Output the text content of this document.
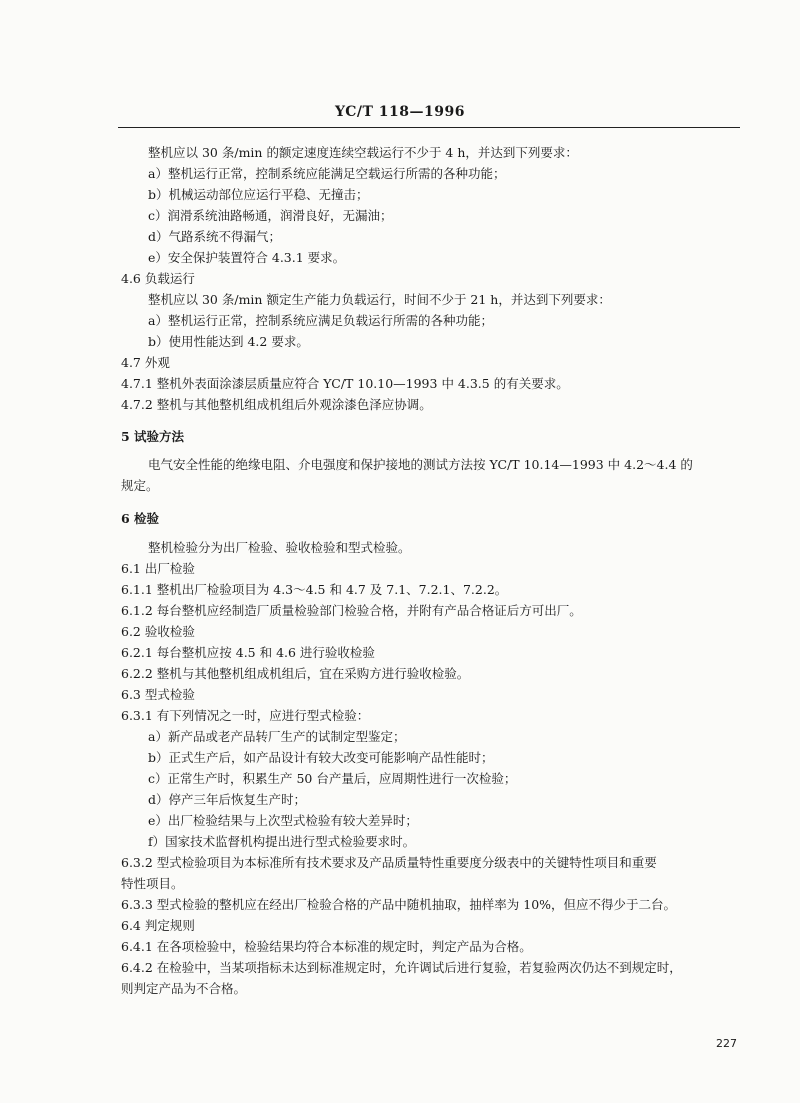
YC/T 118—1996
整机应以 30 条/min 的额定速度连续空载运行不少于 4 h，并达到下列要求：
a）整机运行正常，控制系统应能满足空载运行所需的各种功能；
b）机械运动部位应运行平稳、无撞击；
c）润滑系统油路畅通，润滑良好，无漏油；
d）气路系统不得漏气；
e）安全保护装置符合 4.3.1 要求。
4.6 负载运行
整机应以 30 条/min 额定生产能力负载运行，时间不少于 21 h，并达到下列要求：
a）整机运行正常，控制系统应满足负载运行所需的各种功能；
b）使用性能达到 4.2 要求。
4.7 外观
4.7.1 整机外表面涂漆层质量应符合 YC/T 10.10—1993 中 4.3.5 的有关要求。
4.7.2 整机与其他整机组成机组后外观涂漆色泽应协调。
5 试验方法
电气安全性能的绝缘电阻、介电强度和保护接地的测试方法按 YC/T 10.14—1993 中 4.2～4.4 的
规定。
6 检验
整机检验分为出厂检验、验收检验和型式检验。
6.1 出厂检验
6.1.1 整机出厂检验项目为 4.3～4.5 和 4.7 及 7.1、7.2.1、7.2.2。
6.1.2 每台整机应经制造厂质量检验部门检验合格，并附有产品合格证后方可出厂。
6.2 验收检验
6.2.1 每台整机应按 4.5 和 4.6 进行验收检验
6.2.2 整机与其他整机组成机组后，宜在采购方进行验收检验。
6.3 型式检验
6.3.1 有下列情况之一时，应进行型式检验：
a）新产品或老产品转厂生产的试制定型鉴定；
b）正式生产后，如产品设计有较大改变可能影响产品性能时；
c）正常生产时，积累生产 50 台产量后，应周期性进行一次检验；
d）停产三年后恢复生产时；
e）出厂检验结果与上次型式检验有较大差异时；
f）国家技术监督机构提出进行型式检验要求时。
6.3.2 型式检验项目为本标准所有技术要求及产品质量特性重要度分级表中的关键特性项目和重要
特性项目。
6.3.3 型式检验的整机应在经出厂检验合格的产品中随机抽取，抽样率为 10%，但应不得少于二台。
6.4 判定规则
6.4.1 在各项检验中，检验结果均符合本标准的规定时，判定产品为合格。
6.4.2 在检验中，当某项指标未达到标准规定时，允许调试后进行复验，若复验两次仍达不到规定时，
则判定产品为不合格。
227
